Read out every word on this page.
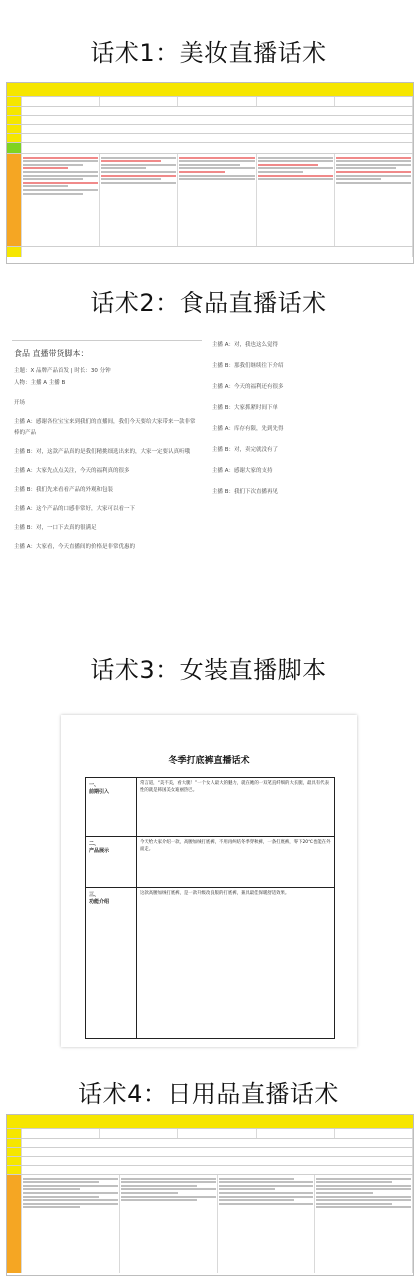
话术1：美妆直播话术
话术2：食品直播话术
食品 直播带货脚本：

主题：X 品牌产品首发 | 时长：30 分钟

人物：主播 A 主播 B

开场

主播 A：感谢各位宝宝来到我们的直播间，我们今天要给大家带来一款非常棒的产品

主播 B：对，这款产品真的是我们精挑细选出来的，大家一定要认真听哦

主播 A：大家先点点关注，今天的福利真的很多

主播 B：我们先来看看产品的外观和包装

主播 A：这个产品的口感非常好，大家可以看一下

主播 B：对，一口下去真的很满足

主播 A：大家看，今天直播间的价格是非常优惠的

主播 A：对，我也这么觉得

主播 B：那我们继续往下介绍

主播 A：今天的福利还有很多

主播 B：大家抓紧时间下单

主播 A：库存有限，先到先得

主播 B：对，卖完就没有了

主播 A：感谢大家的支持

主播 B：我们下次直播再见

话术3：女装直播脚本
冬季打底裤直播话术
一、
前期引入
常言道，“美不美，看大腿！”一个女人最大的魅力，就在她的一双笔直纤细的大长腿，最具有代表性的就是韩国美女迪丽热巴。
二、
产品展示
今天给大家介绍一款，高腰加绒打底裤，不用再纠结冬季穿秋裤，一条打底裤，零下20℃也能在外面走。
三、
功能介绍
这款高腰加绒打底裤，是一款升级改良版的打底裤，兼具最佳保暖舒适效果。
话术4：日用品直播话术
